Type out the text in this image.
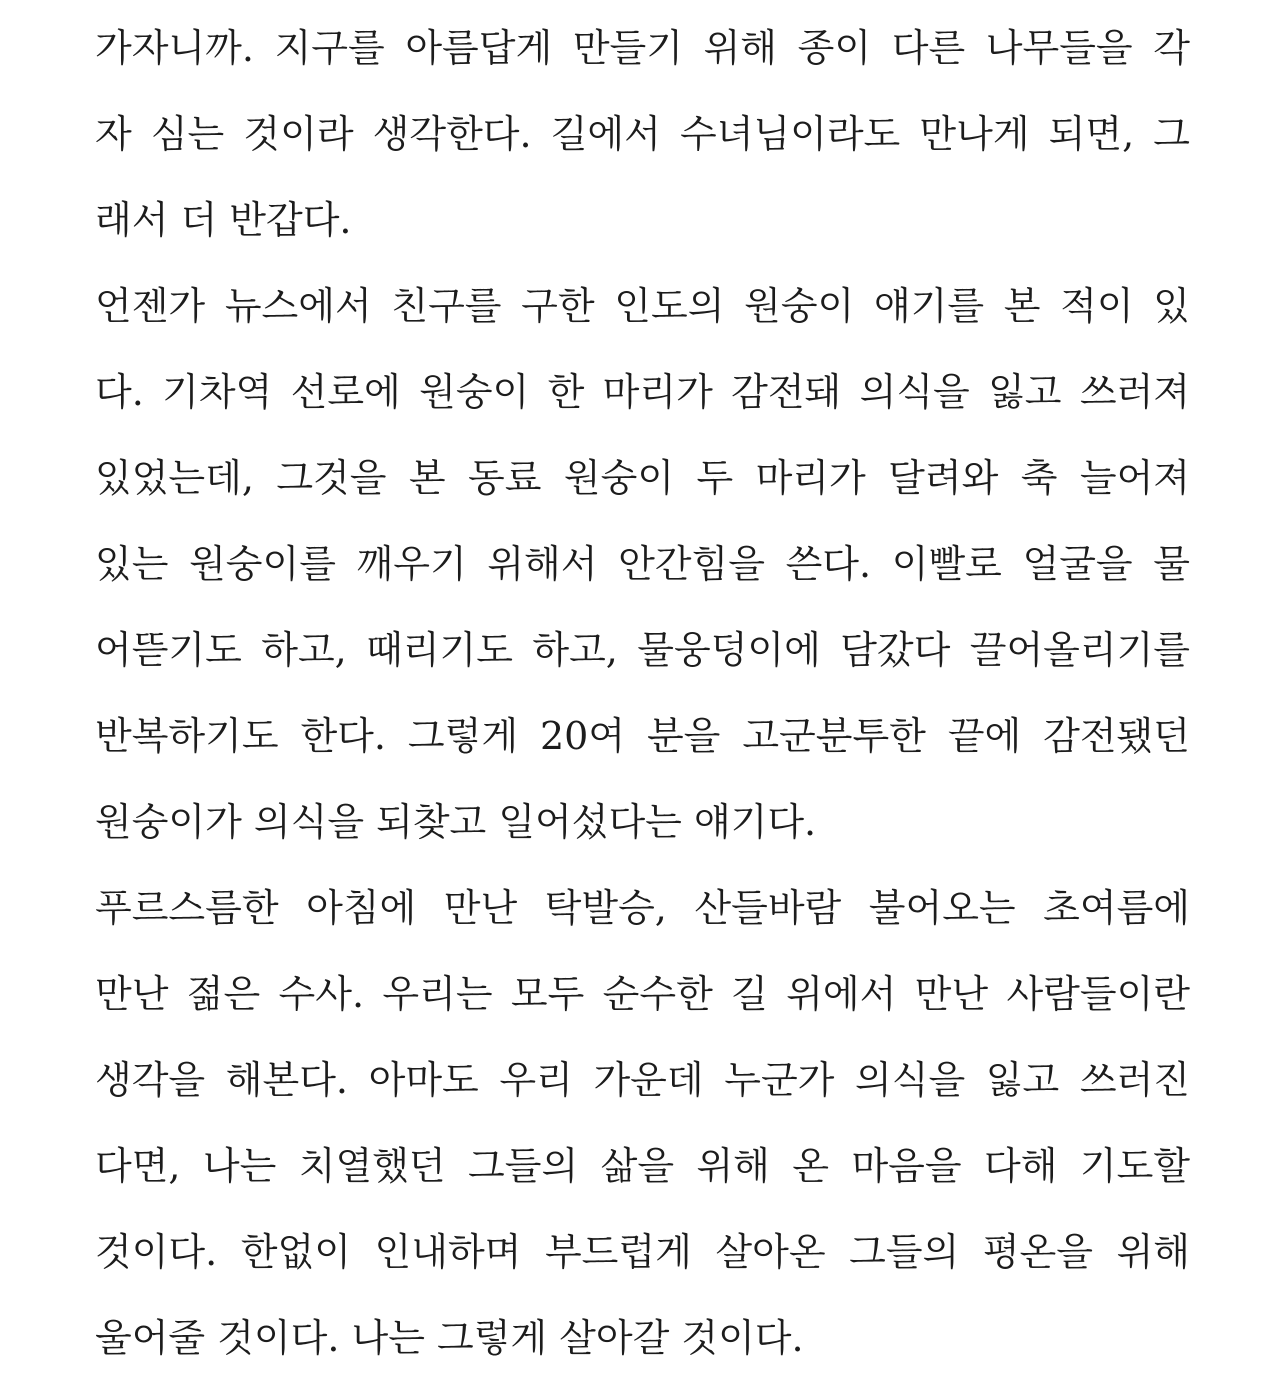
가자니까. 지구를 아름답게 만들기 위해 종이 다른 나무들을 각
자 심는 것이라 생각한다. 길에서 수녀님이라도 만나게 되면, 그
래서 더 반갑다.
언젠가 뉴스에서 친구를 구한 인도의 원숭이 얘기를 본 적이 있
다. 기차역 선로에 원숭이 한 마리가 감전돼 의식을 잃고 쓰러져
있었는데, 그것을 본 동료 원숭이 두 마리가 달려와 축 늘어져
있는 원숭이를 깨우기 위해서 안간힘을 쓴다. 이빨로 얼굴을 물
어뜯기도 하고, 때리기도 하고, 물웅덩이에 담갔다 끌어올리기를
반복하기도 한다. 그렇게 20여 분을 고군분투한 끝에 감전됐던
원숭이가 의식을 되찾고 일어섰다는 얘기다.
푸르스름한 아침에 만난 탁발승, 산들바람 불어오는 초여름에
만난 젊은 수사. 우리는 모두 순수한 길 위에서 만난 사람들이란
생각을 해본다. 아마도 우리 가운데 누군가 의식을 잃고 쓰러진
다면, 나는 치열했던 그들의 삶을 위해 온 마음을 다해 기도할
것이다. 한없이 인내하며 부드럽게 살아온 그들의 평온을 위해
울어줄 것이다. 나는 그렇게 살아갈 것이다.
